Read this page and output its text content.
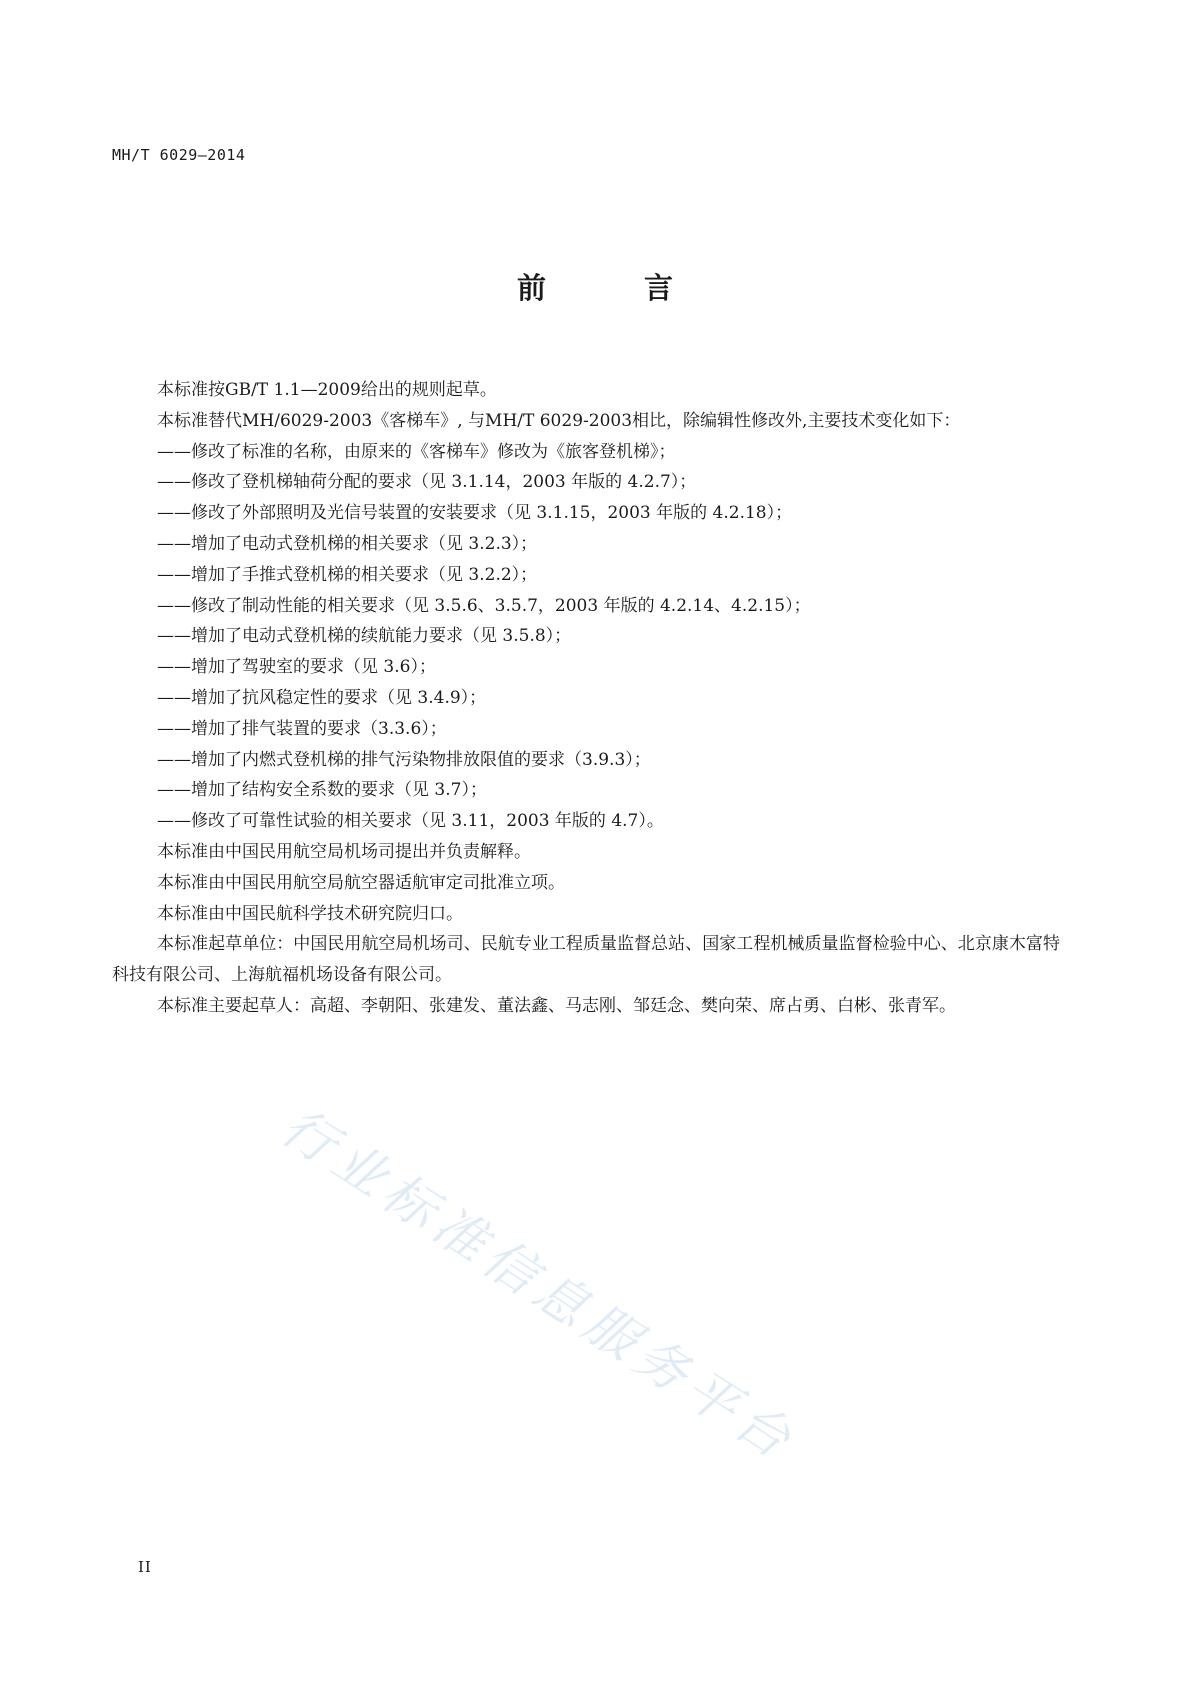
MH/T 6029—2014
前 言

本标准按GB/T 1.1—2009给出的规则起草。

本标准替代MH/6029-2003《客梯车》, 与MH/T 6029-2003相比，除编辑性修改外,主要技术变化如下：

——修改了标准的名称，由原来的《客梯车》修改为《旅客登机梯》；

——修改了登机梯轴荷分配的要求（见 3.1.14，2003 年版的 4.2.7）；

——修改了外部照明及光信号装置的安装要求（见 3.1.15，2003 年版的 4.2.18）；

——增加了电动式登机梯的相关要求（见 3.2.3）；

——增加了手推式登机梯的相关要求（见 3.2.2）；

——修改了制动性能的相关要求（见 3.5.6、3.5.7，2003 年版的 4.2.14、4.2.15）；

——增加了电动式登机梯的续航能力要求（见 3.5.8）；

——增加了驾驶室的要求（见 3.6）；

——增加了抗风稳定性的要求（见 3.4.9）；

——增加了排气装置的要求（3.3.6）；

——增加了内燃式登机梯的排气污染物排放限值的要求（3.9.3）；

——增加了结构安全系数的要求（见 3.7）；

——修改了可靠性试验的相关要求（见 3.11，2003 年版的 4.7）。

本标准由中国民用航空局机场司提出并负责解释。

本标准由中国民用航空局航空器适航审定司批准立项。

本标准由中国民航科学技术研究院归口。

本标准起草单位：中国民用航空局机场司、民航专业工程质量监督总站、国家工程机械质量监督检验中心、北京康木富特科技有限公司、上海航福机场设备有限公司。

本标准主要起草人：高超、李朝阳、张建发、董法鑫、马志刚、邹廷念、樊向荣、席占勇、白彬、张青军。

行业标准信息服务平台
II
